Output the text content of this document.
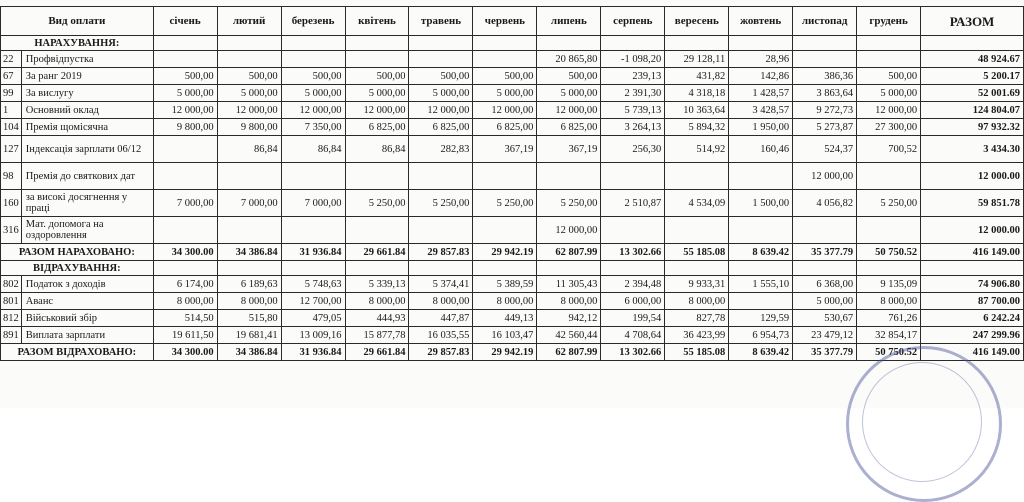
Вид оплати		січень	лютий	березень	квітень	травень	червень	липень	серпень	вересень	жовтень	листопад	грудень	РАЗОМ
НАРАХУВАННЯ:														
22	Профвідпустка							20 865,80	-1 098,20	29 128,11	28,96			48 924.67
67	За ранг 2019	500,00	500,00	500,00	500,00	500,00	500,00	500,00	239,13	431,82	142,86	386,36	500,00	5 200.17
99	За вислугу	5 000,00	5 000,00	5 000,00	5 000,00	5 000,00	5 000,00	5 000,00	2 391,30	4 318,18	1 428,57	3 863,64	5 000,00	52 001.69
1	Основний оклад	12 000,00	12 000,00	12 000,00	12 000,00	12 000,00	12 000,00	12 000,00	5 739,13	10 363,64	3 428,57	9 272,73	12 000,00	124 804.07
104	Премія щомісячна	9 800,00	9 800,00	7 350,00	6 825,00	6 825,00	6 825,00	6 825,00	3 264,13	5 894,32	1 950,00	5 273,87	27 300,00	97 932.32
127	Індексація зарплати 06/12		86,84	86,84	86,84	282,83	367,19	367,19	256,30	514,92	160,46	524,37	700,52	3 434.30
98	Премія до святкових дат											12 000,00		12 000.00
160	за високі досягнення у праці	7 000,00	7 000,00	7 000,00	5 250,00	5 250,00	5 250,00	5 250,00	2 510,87	4 534,09	1 500,00	4 056,82	5 250,00	59 851.78
316	Мат. допомога на оздоровлення							12 000,00						12 000.00
РАЗОМ НАРАХОВАНО:		34 300.00	34 386.84	31 936.84	29 661.84	29 857.83	29 942.19	62 807.99	13 302.66	55 185.08	8 639.42	35 377.79	50 750.52	416 149.00
ВІДРАХУВАННЯ:														
802	Податок з доходів	6 174,00	6 189,63	5 748,63	5 339,13	5 374,41	5 389,59	11 305,43	2 394,48	9 933,31	1 555,10	6 368,00	9 135,09	74 906.80
801	Аванс	8 000,00	8 000,00	12 700,00	8 000,00	8 000,00	8 000,00	8 000,00	6 000,00	8 000,00		5 000,00	8 000,00	87 700.00
812	Військовий збір	514,50	515,80	479,05	444,93	447,87	449,13	942,12	199,54	827,78	129,59	530,67	761,26	6 242.24
891	Виплата зарплати	19 611,50	19 681,41	13 009,16	15 877,78	16 035,55	16 103,47	42 560,44	4 708,64	36 423,99	6 954,73	23 479,12	32 854,17	247 299.96
РАЗОМ ВІДРАХОВАНО:		34 300.00	34 386.84	31 936.84	29 661.84	29 857.83	29 942.19	62 807.99	13 302.66	55 185.08	8 639.42	35 377.79	50 750.52	416 149.00
